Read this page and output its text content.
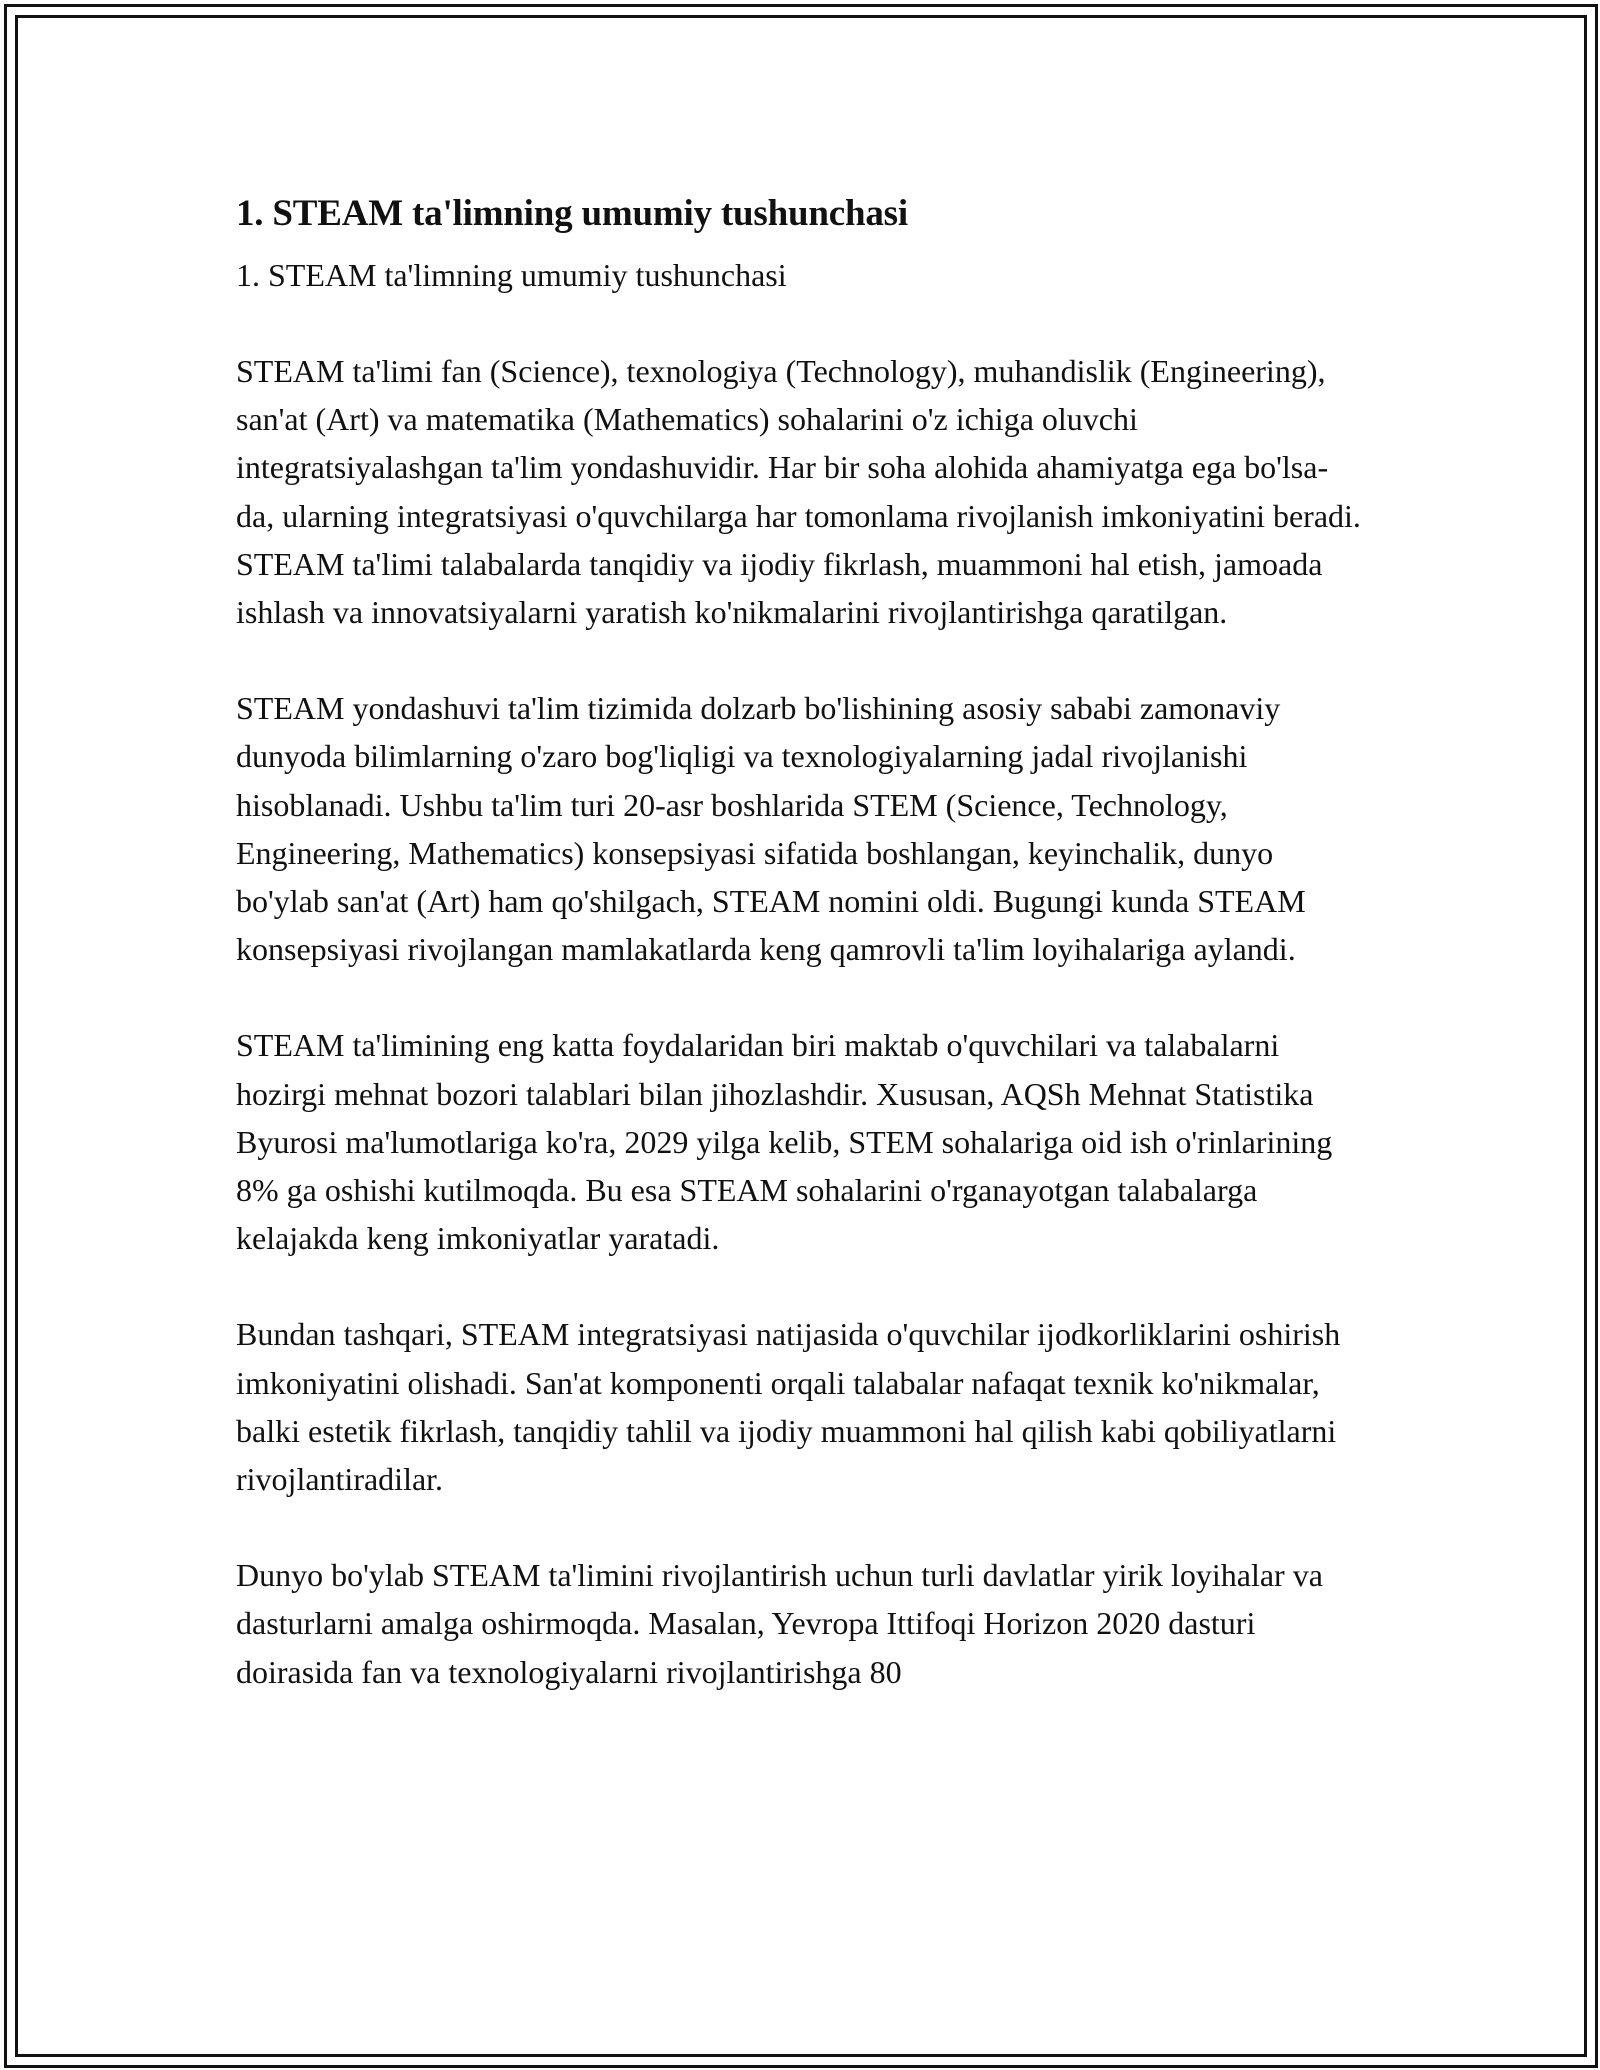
1. STEAM ta'limning umumiy tushunchasi
1. STEAM ta'limning umumiy tushunchasi

STEAM ta'limi fan (Science), texnologiya (Technology), muhandislik (Engineering), san'at (Art) va matematika (Mathematics) sohalarini o'z ichiga oluvchi integratsiyalashgan ta'lim yondashuvidir. Har bir soha alohida ahamiyatga ega bo'lsa-da, ularning integratsiyasi o'quvchilarga har tomonlama rivojlanish imkoniyatini beradi. STEAM ta'limi talabalarda tanqidiy va ijodiy fikrlash, muammoni hal etish, jamoada ishlash va innovatsiyalarni yaratish ko'nikmalarini rivojlantirishga qaratilgan.

STEAM yondashuvi ta'lim tizimida dolzarb bo'lishining asosiy sababi zamonaviy dunyoda bilimlarning o'zaro bog'liqligi va texnologiyalarning jadal rivojlanishi hisoblanadi. Ushbu ta'lim turi 20-asr boshlarida STEM (Science, Technology, Engineering, Mathematics) konsepsiyasi sifatida boshlangan, keyinchalik, dunyo bo'ylab san'at (Art) ham qo'shilgach, STEAM nomini oldi. Bugungi kunda STEAM konsepsiyasi rivojlangan mamlakatlarda keng qamrovli ta'lim loyihalariga aylandi.

STEAM ta'limining eng katta foydalaridan biri maktab o'quvchilari va talabalarni hozirgi mehnat bozori talablari bilan jihozlashdir. Xususan, AQSh Mehnat Statistika Byurosi ma'lumotlariga ko'ra, 2029 yilga kelib, STEM sohalariga oid ish o'rinlarining 8% ga oshishi kutilmoqda. Bu esa STEAM sohalarini o'rganayotgan talabalarga kelajakda keng imkoniyatlar yaratadi.

Bundan tashqari, STEAM integratsiyasi natijasida o'quvchilar ijodkorliklarini oshirish imkoniyatini olishadi. San'at komponenti orqali talabalar nafaqat texnik ko'nikmalar, balki estetik fikrlash, tanqidiy tahlil va ijodiy muammoni hal qilish kabi qobiliyatlarni rivojlantiradilar.

Dunyo bo'ylab STEAM ta'limini rivojlantirish uchun turli davlatlar yirik loyihalar va dasturlarni amalga oshirmoqda. Masalan, Yevropa Ittifoqi Horizon 2020 dasturi doirasida fan va texnologiyalarni rivojlantirishga 80
